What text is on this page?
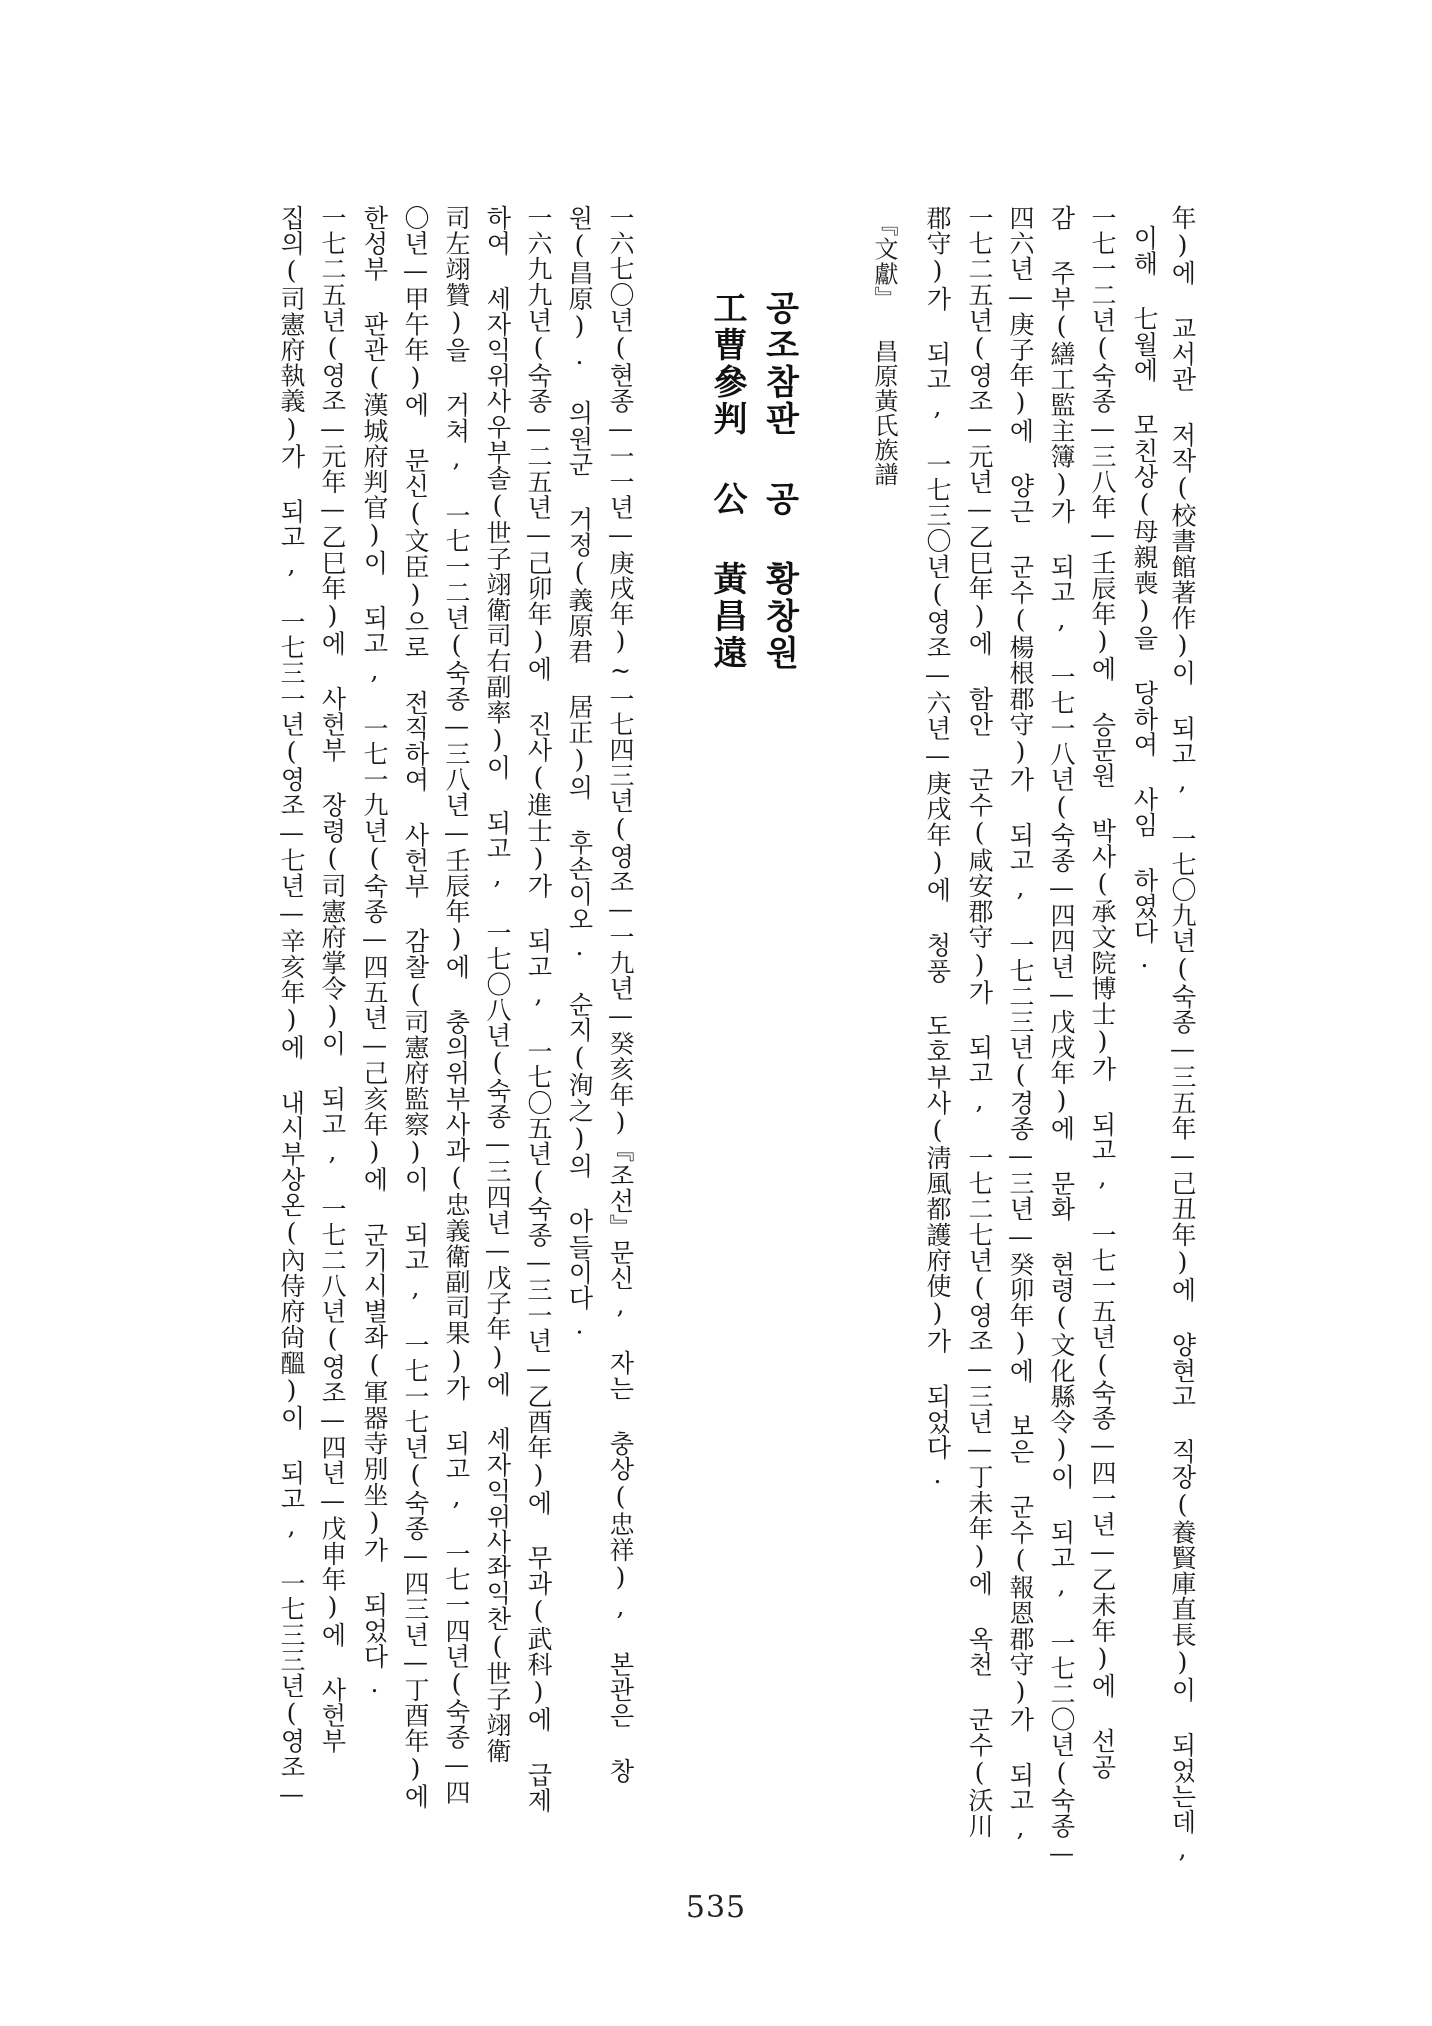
年)에 교서관 저작(校書館著作)이 되고, 一七〇九년(숙종—三五年—己丑年)에 양현고 직장(養賢庫直長)이 되었는데,
이해 七월에 모친상(母親喪)을 당하여 사임 하였다.
一七一二년(숙종—三八年—壬辰年)에 승문원 박사(承文院博士)가 되고, 一七一五년(숙종—四一년—乙未年)에 선공
감 주부(繕工監主簿)가 되고, 一七一八년(숙종—四四년—戊戌年)에 문화 현령(文化縣令)이 되고, 一七二〇년(숙종—
四六년—庚子年)에 양근 군수(楊根郡守)가 되고, 一七二三년(경종—三년—癸卯年)에 보은 군수(報恩郡守)가 되고,
一七二五년(영조—元년—乙巳年)에 함안 군수(咸安郡守)가 되고, 一七二七년(영조—三년—丁未年)에 옥천 군수(沃川
郡守)가 되고, 一七三〇년(영조—六년—庚戌年)에 청풍 도호부사(淸風都護府使)가 되었다.
『文獻』 昌原黃氏族譜
공조참판 공 황창원
工曹參判 公 黃昌遠
一六七〇년(현종—一一년—庚戌年)~一七四三년(영조—一九년—癸亥年)『조선』문신, 자는 충상(忠祥), 본관은 창
원(昌原). 의원군 거정(義原君 居正)의 후손이오. 순지(洵之)의 아들이다.
一六九九년(숙종—二五년—己卯年)에 진사(進士)가 되고, 一七〇五년(숙종—三一년—乙酉年)에 무과(武科)에 급제
하여 세자익위사우부솔(世子翊衛司右副率)이 되고, 一七〇八년(숙종—三四년—戊子年)에 세자익위사좌익찬(世子翊衛
司左翊贊)을 거쳐, 一七一二년(숙종—三八년—壬辰年)에 충의위부사과(忠義衛副司果)가 되고, 一七一四년(숙종—四
〇년—甲午年)에 문신(文臣)으로 전직하여 사헌부 감찰(司憲府監察)이 되고, 一七一七년(숙종—四三년—丁酉年)에
한성부 판관(漢城府判官)이 되고, 一七一九년(숙종—四五년—己亥年)에 군기시별좌(軍器寺別坐)가 되었다.
一七二五년(영조—元年—乙巳年)에 사헌부 장령(司憲府掌令)이 되고, 一七二八년(영조—四년—戊申年)에 사헌부
집의(司憲府執義)가 되고, 一七三一년(영조—七년—辛亥年)에 내시부상온(內侍府尙醞)이 되고, 一七三三년(영조—
535
